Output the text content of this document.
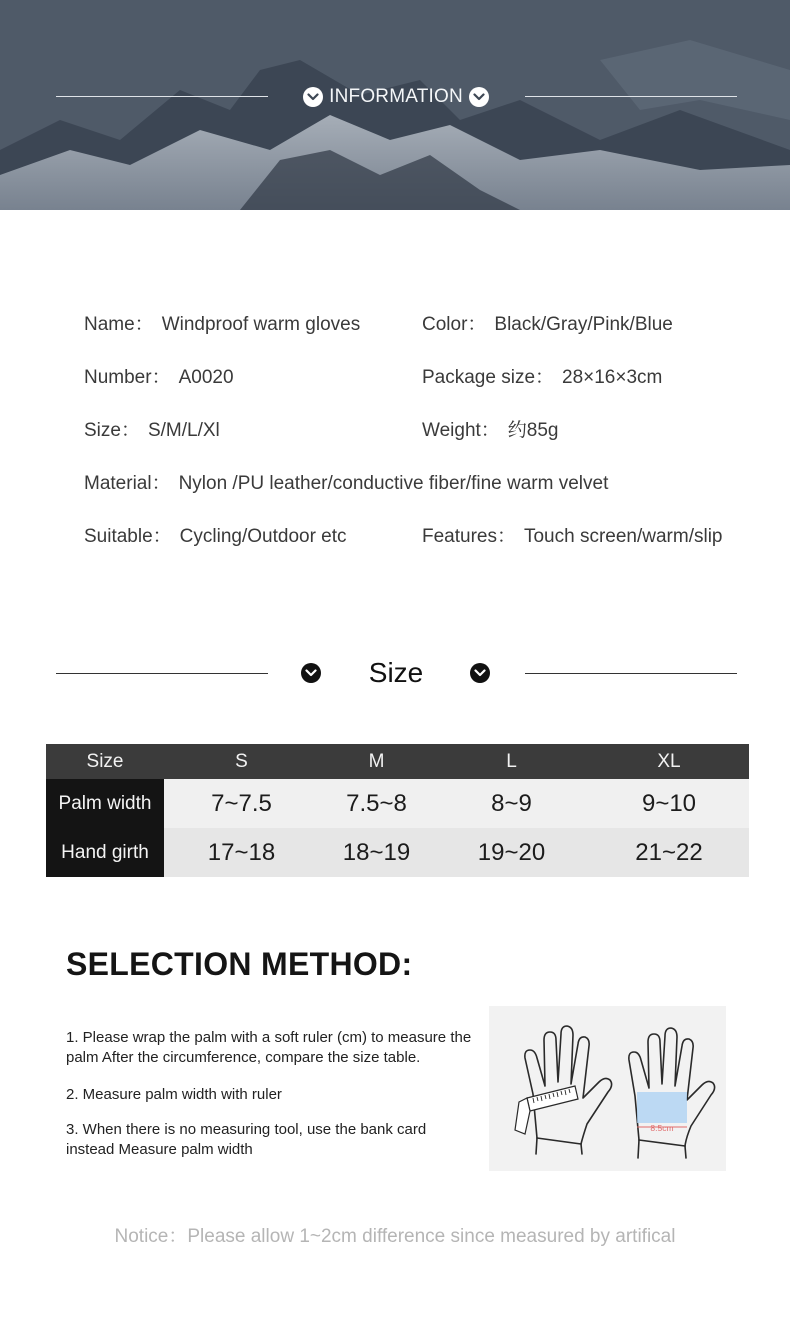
INFORMATION
Name： Windproof warm gloves	Color： Black/Gray/Pink/Blue
Number： A0020	Package size： 28×16×3cm
Size： S/M/L/Xl	Weight： 约85g
Material： Nylon /PU leather/conductive fiber/fine warm velvet
Suitable： Cycling/Outdoor etc	Features： Touch screen/warm/slip
Size
Size	S	M	L	XL
Palm width	7~7.5	7.5~8	8~9	9~10
Hand girth	17~18	18~19	19~20	21~22
SELECTION METHOD:
1. Please wrap the palm with a soft ruler (cm) to measure the palm After the circumference, compare the size table.
2. Measure palm width with ruler
3. When there is no measuring tool, use the bank card instead Measure palm width
8.5cm
Notice：Please allow 1~2cm difference since measured by artifical
